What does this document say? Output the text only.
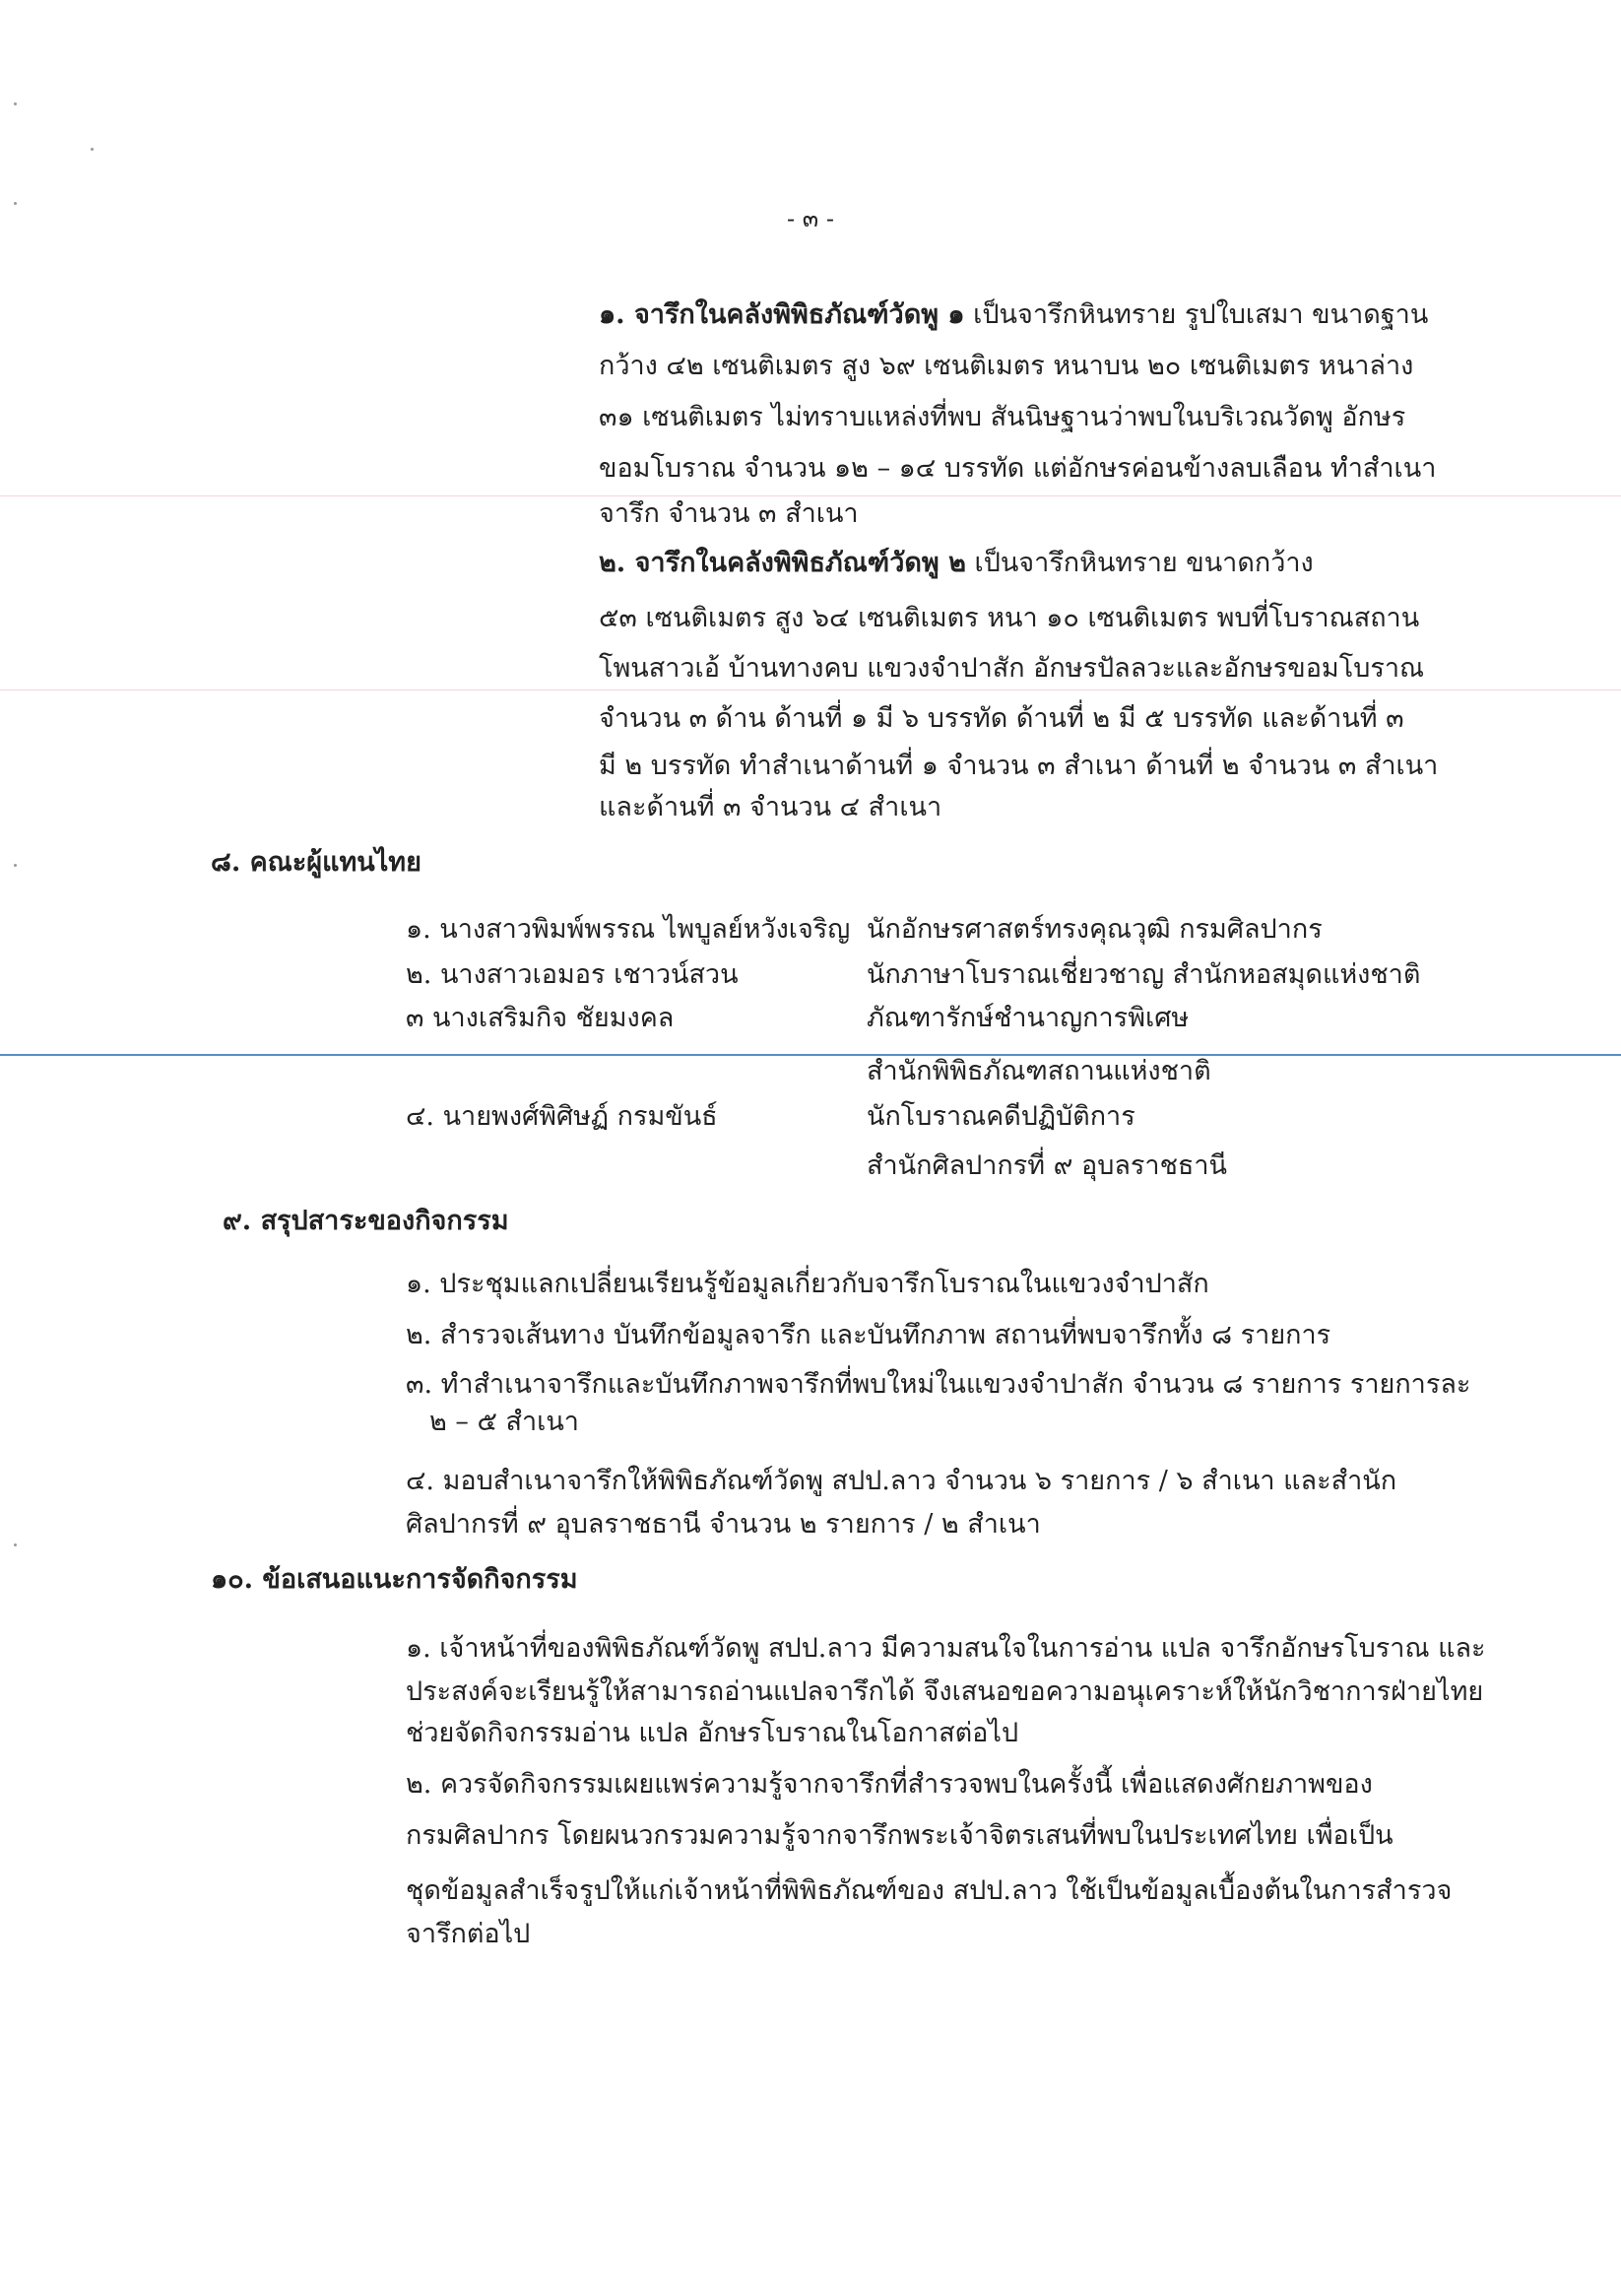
- ๓ -
๑. จารึกในคลังพิพิธภัณฑ์วัดพู ๑ เป็นจารึกหินทราย รูปใบเสมา ขนาดฐาน
กว้าง ๔๒ เซนติเมตร สูง ๖๙ เซนติเมตร หนาบน ๒๐ เซนติเมตร หนาล่าง
๓๑ เซนติเมตร ไม่ทราบแหล่งที่พบ สันนิษฐานว่าพบในบริเวณวัดพู อักษร
ขอมโบราณ จำนวน ๑๒ – ๑๔ บรรทัด แต่อักษรค่อนข้างลบเลือน ทำสำเนา
จารึก จำนวน ๓ สำเนา
๒. จารึกในคลังพิพิธภัณฑ์วัดพู ๒ เป็นจารึกหินทราย ขนาดกว้าง
๕๓ เซนติเมตร สูง ๖๔ เซนติเมตร หนา ๑๐ เซนติเมตร พบที่โบราณสถาน
โพนสาวเอ้ บ้านทางคบ แขวงจำปาสัก อักษรปัลลวะและอักษรขอมโบราณ
จำนวน ๓ ด้าน ด้านที่ ๑ มี ๖ บรรทัด ด้านที่ ๒ มี ๕ บรรทัด และด้านที่ ๓
มี ๒ บรรทัด ทำสำเนาด้านที่ ๑ จำนวน ๓ สำเนา ด้านที่ ๒ จำนวน ๓ สำเนา
และด้านที่ ๓ จำนวน ๔ สำเนา
๘. คณะผู้แทนไทย
๑. นางสาวพิมพ์พรรณ ไพบูลย์หวังเจริญ นักอักษรศาสตร์ทรงคุณวุฒิ กรมศิลปากร
๒. นางสาวเอมอร เชาวน์สวน	นักภาษาโบราณเชี่ยวชาญ สำนักหอสมุดแห่งชาติ
๓ นางเสริมกิจ ชัยมงคล	ภัณฑารักษ์ชำนาญการพิเศษ
สำนักพิพิธภัณฑสถานแห่งชาติ
๔. นายพงศ์พิศิษฏ์ กรมขันธ์	นักโบราณคดีปฏิบัติการ
สำนักศิลปากรที่ ๙ อุบลราชธานี
๙. สรุปสาระของกิจกรรม
๑. ประชุมแลกเปลี่ยนเรียนรู้ข้อมูลเกี่ยวกับจารึกโบราณในแขวงจำปาสัก
๒. สำรวจเส้นทาง บันทึกข้อมูลจารึก และบันทึกภาพ สถานที่พบจารึกทั้ง ๘ รายการ
๓. ทำสำเนาจารึกและบันทึกภาพจารึกที่พบใหม่ในแขวงจำปาสัก จำนวน ๘ รายการ รายการละ
๒ – ๕ สำเนา
๔. มอบสำเนาจารึกให้พิพิธภัณฑ์วัดพู สปป.ลาว จำนวน ๖ รายการ / ๖ สำเนา และสำนัก
ศิลปากรที่ ๙ อุบลราชธานี จำนวน ๒ รายการ / ๒ สำเนา
๑๐. ข้อเสนอแนะการจัดกิจกรรม
๑. เจ้าหน้าที่ของพิพิธภัณฑ์วัดพู สปป.ลาว มีความสนใจในการอ่าน แปล จารึกอักษรโบราณ และ
ประสงค์จะเรียนรู้ให้สามารถอ่านแปลจารึกได้ จึงเสนอขอความอนุเคราะห์ให้นักวิชาการฝ่ายไทย
ช่วยจัดกิจกรรมอ่าน แปล อักษรโบราณในโอกาสต่อไป
๒. ควรจัดกิจกรรมเผยแพร่ความรู้จากจารึกที่สำรวจพบในครั้งนี้ เพื่อแสดงศักยภาพของ
กรมศิลปากร โดยผนวกรวมความรู้จากจารึกพระเจ้าจิตรเสนที่พบในประเทศไทย เพื่อเป็น
ชุดข้อมูลสำเร็จรูปให้แก่เจ้าหน้าที่พิพิธภัณฑ์ของ สปป.ลาว ใช้เป็นข้อมูลเบื้องต้นในการสำรวจ
จารึกต่อไป
